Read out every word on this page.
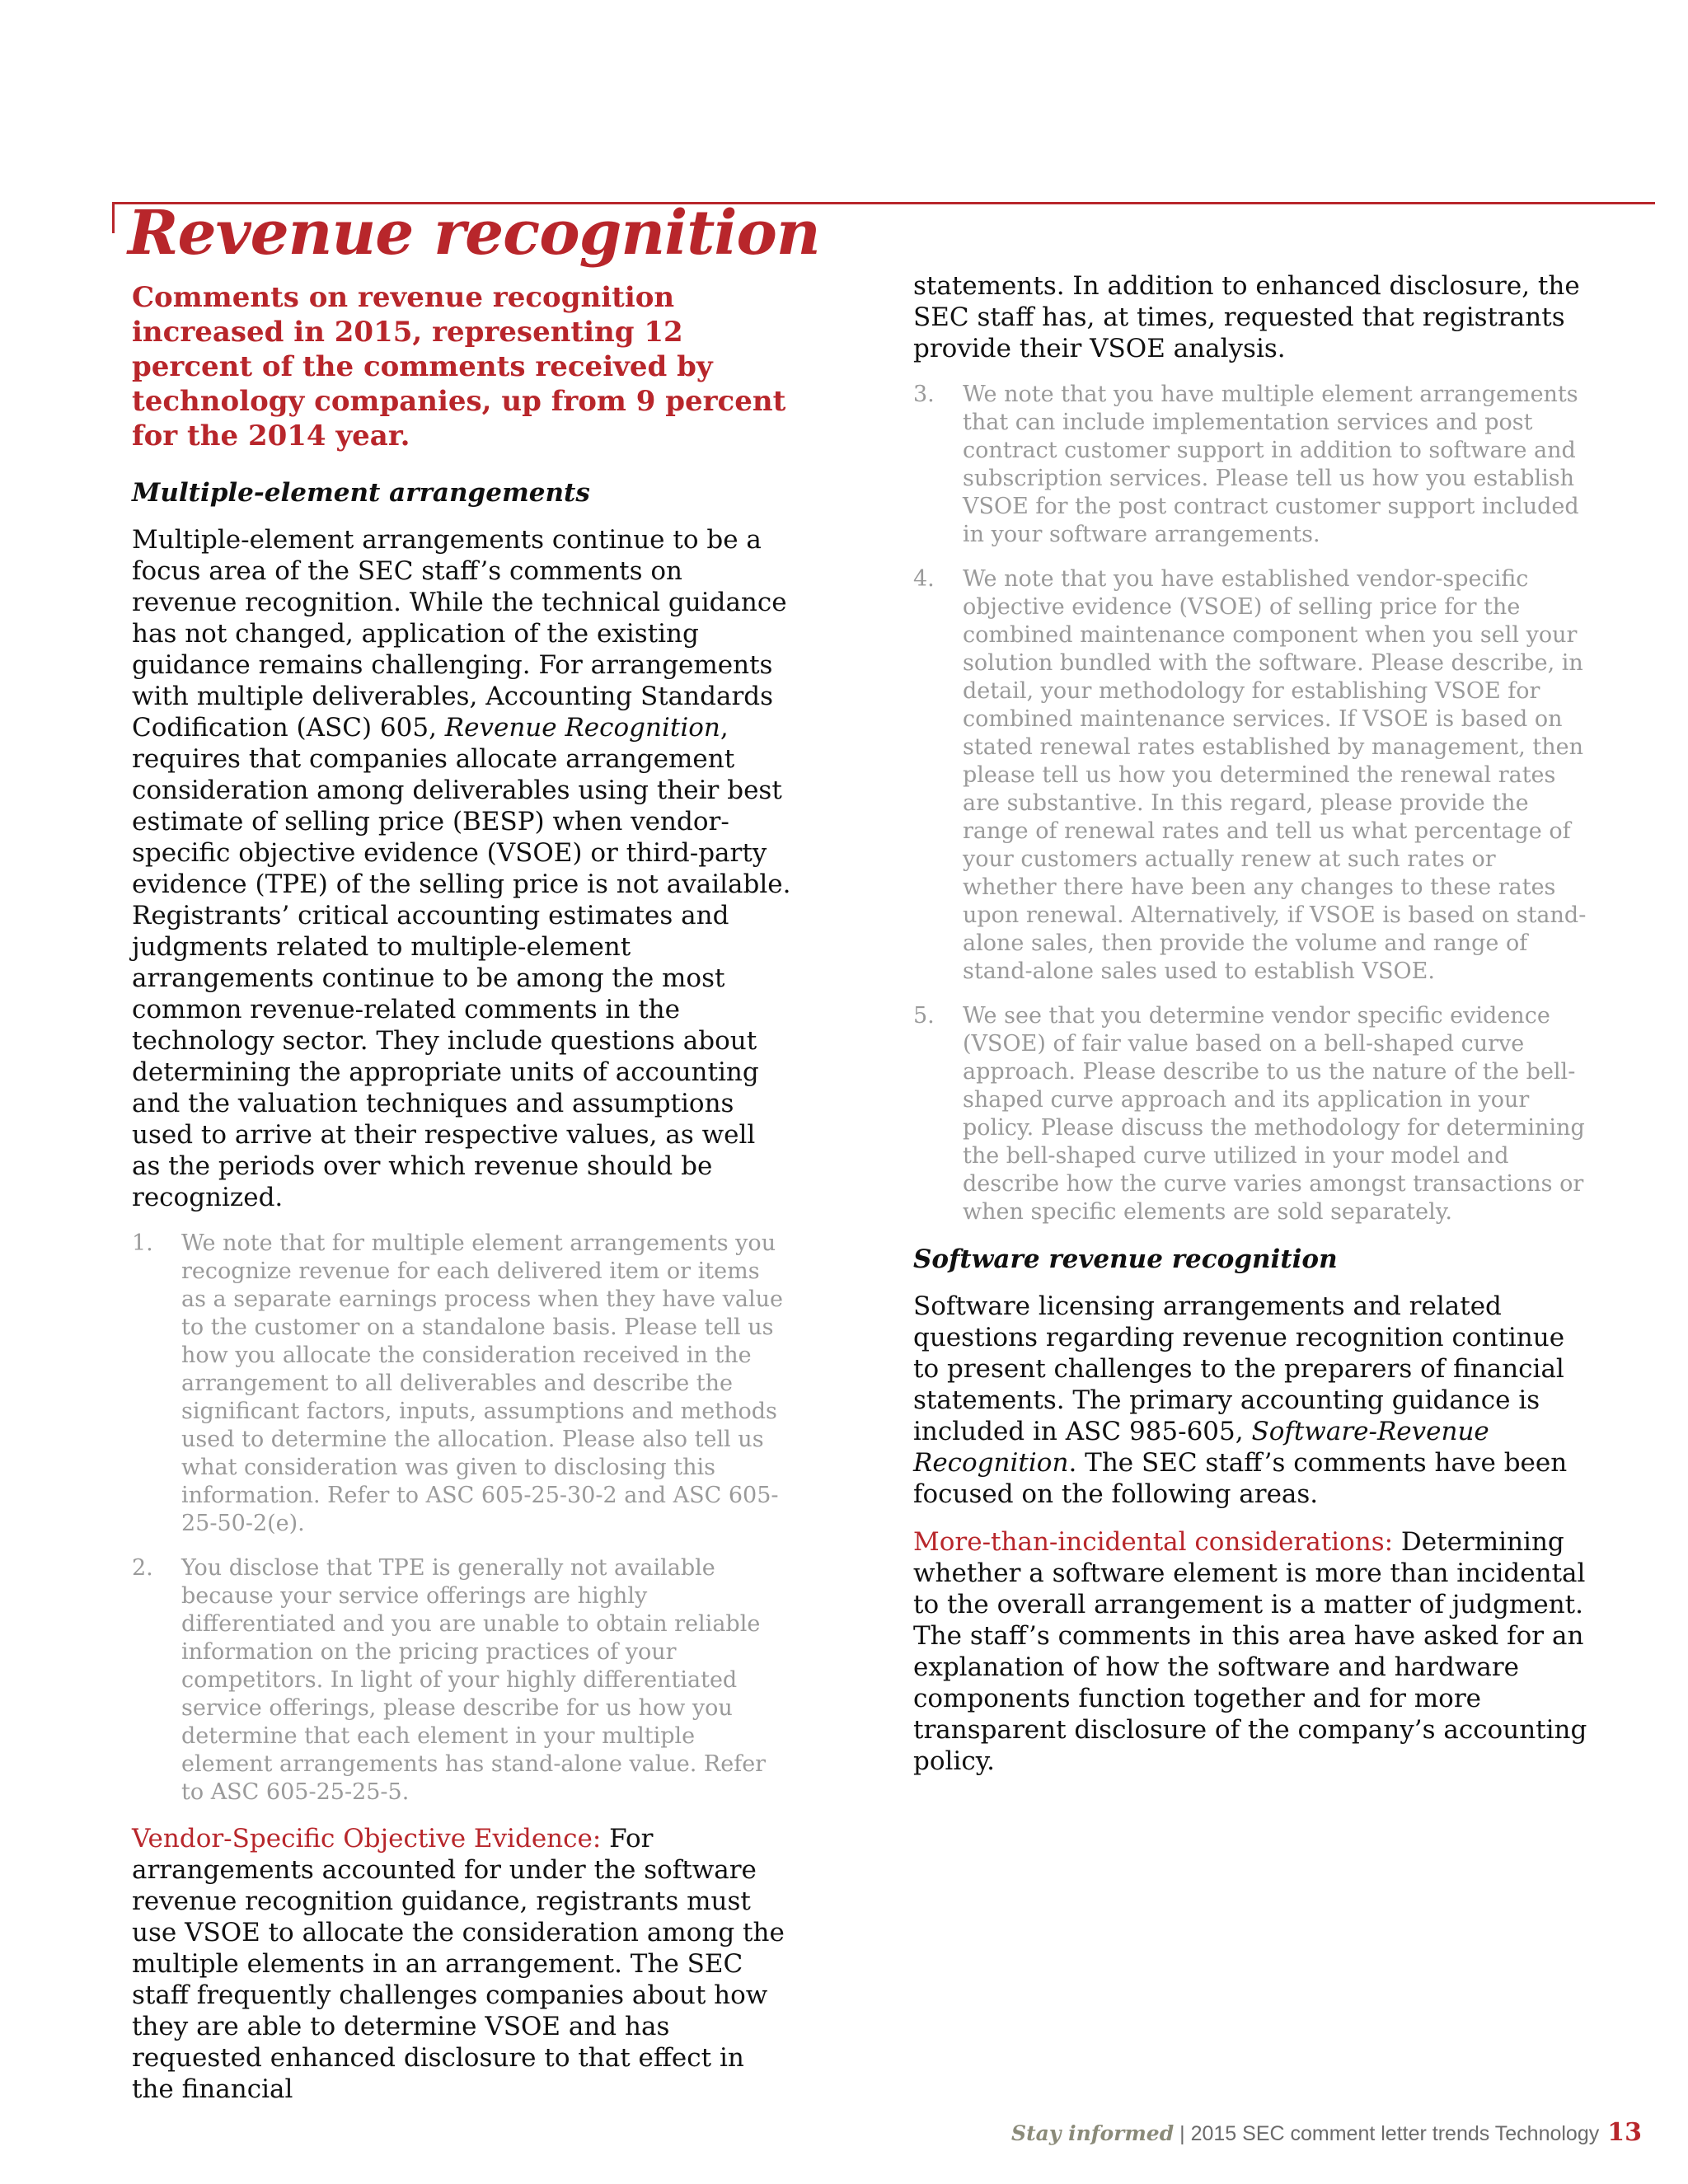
Revenue recognition

Comments on revenue recognition increased in 2015, representing 12 percent of the comments received by technology companies, up from 9 percent for the 2014 year.

Multiple-element arrangements

Multiple-element arrangements continue to be a focus area of the SEC staff’s comments on revenue recognition. While the technical guidance has not changed, application of the existing guidance remains challenging. For arrangements with multiple deliverables, Accounting Standards Codification (ASC) 605, Revenue Recognition, requires that companies allocate arrangement consideration among deliverables using their best estimate of selling price (BESP) when vendor-specific objective evidence (VSOE) or third-party evidence (TPE) of the selling price is not available. Registrants’ critical accounting estimates and judgments related to multiple-element arrangements continue to be among the most common revenue-related comments in the technology sector. They include questions about determining the appropriate units of accounting and the valuation techniques and assumptions used to arrive at their respective values, as well as the periods over which revenue should be recognized.

1.	We note that for multiple element arrangements you recognize revenue for each delivered item or items as a separate earnings process when they have value to the customer on a standalone basis. Please tell us how you allocate the consideration received in the arrangement to all deliverables and describe the significant factors, inputs, assumptions and methods used to determine the allocation. Please also tell us what consideration was given to disclosing this information. Refer to ASC 605-25-30-2 and ASC 605-25-50-2(e).
2.	You disclose that TPE is generally not available because your service offerings are highly differentiated and you are unable to obtain reliable information on the pricing practices of your competitors. In light of your highly differentiated service offerings, please describe for us how you determine that each element in your multiple element arrangements has stand-alone value. Refer to ASC 605-25-25-5.

Vendor-Specific Objective Evidence: For arrangements accounted for under the software revenue recognition guidance, registrants must use VSOE to allocate the consideration among the multiple elements in an arrangement. The SEC staff frequently challenges companies about how they are able to determine VSOE and has requested enhanced disclosure to that effect in the financial

statements. In addition to enhanced disclosure, the SEC staff has, at times, requested that registrants provide their VSOE analysis.

3.	We note that you have multiple element arrangements that can include implementation services and post contract customer support in addition to software and subscription services. Please tell us how you establish VSOE for the post contract customer support included in your software arrangements.
4.	We note that you have established vendor-specific objective evidence (VSOE) of selling price for the combined maintenance component when you sell your solution bundled with the software. Please describe, in detail, your methodology for establishing VSOE for combined maintenance services. If VSOE is based on stated renewal rates established by management, then please tell us how you determined the renewal rates are substantive. In this regard, please provide the range of renewal rates and tell us what percentage of your customers actually renew at such rates or whether there have been any changes to these rates upon renewal. Alternatively, if VSOE is based on stand-alone sales, then provide the volume and range of stand-alone sales used to establish VSOE.
5.	We see that you determine vendor specific evidence (VSOE) of fair value based on a bell-shaped curve approach. Please describe to us the nature of the bell-shaped curve approach and its application in your policy. Please discuss the methodology for determining the bell-shaped curve utilized in your model and describe how the curve varies amongst transactions or when specific elements are sold separately.

Software revenue recognition

Software licensing arrangements and related questions regarding revenue recognition continue to present challenges to the preparers of financial statements. The primary accounting guidance is included in ASC 985-605, Software-Revenue Recognition. The SEC staff’s comments have been focused on the following areas.

More-than-incidental considerations: Determining whether a software element is more than incidental to the overall arrangement is a matter of judgment. The staff’s comments in this area have asked for an explanation of how the software and hardware components function together and for more transparent disclosure of the company’s accounting policy.

Stay informed | 2015 SEC comment letter trends Technology 13
